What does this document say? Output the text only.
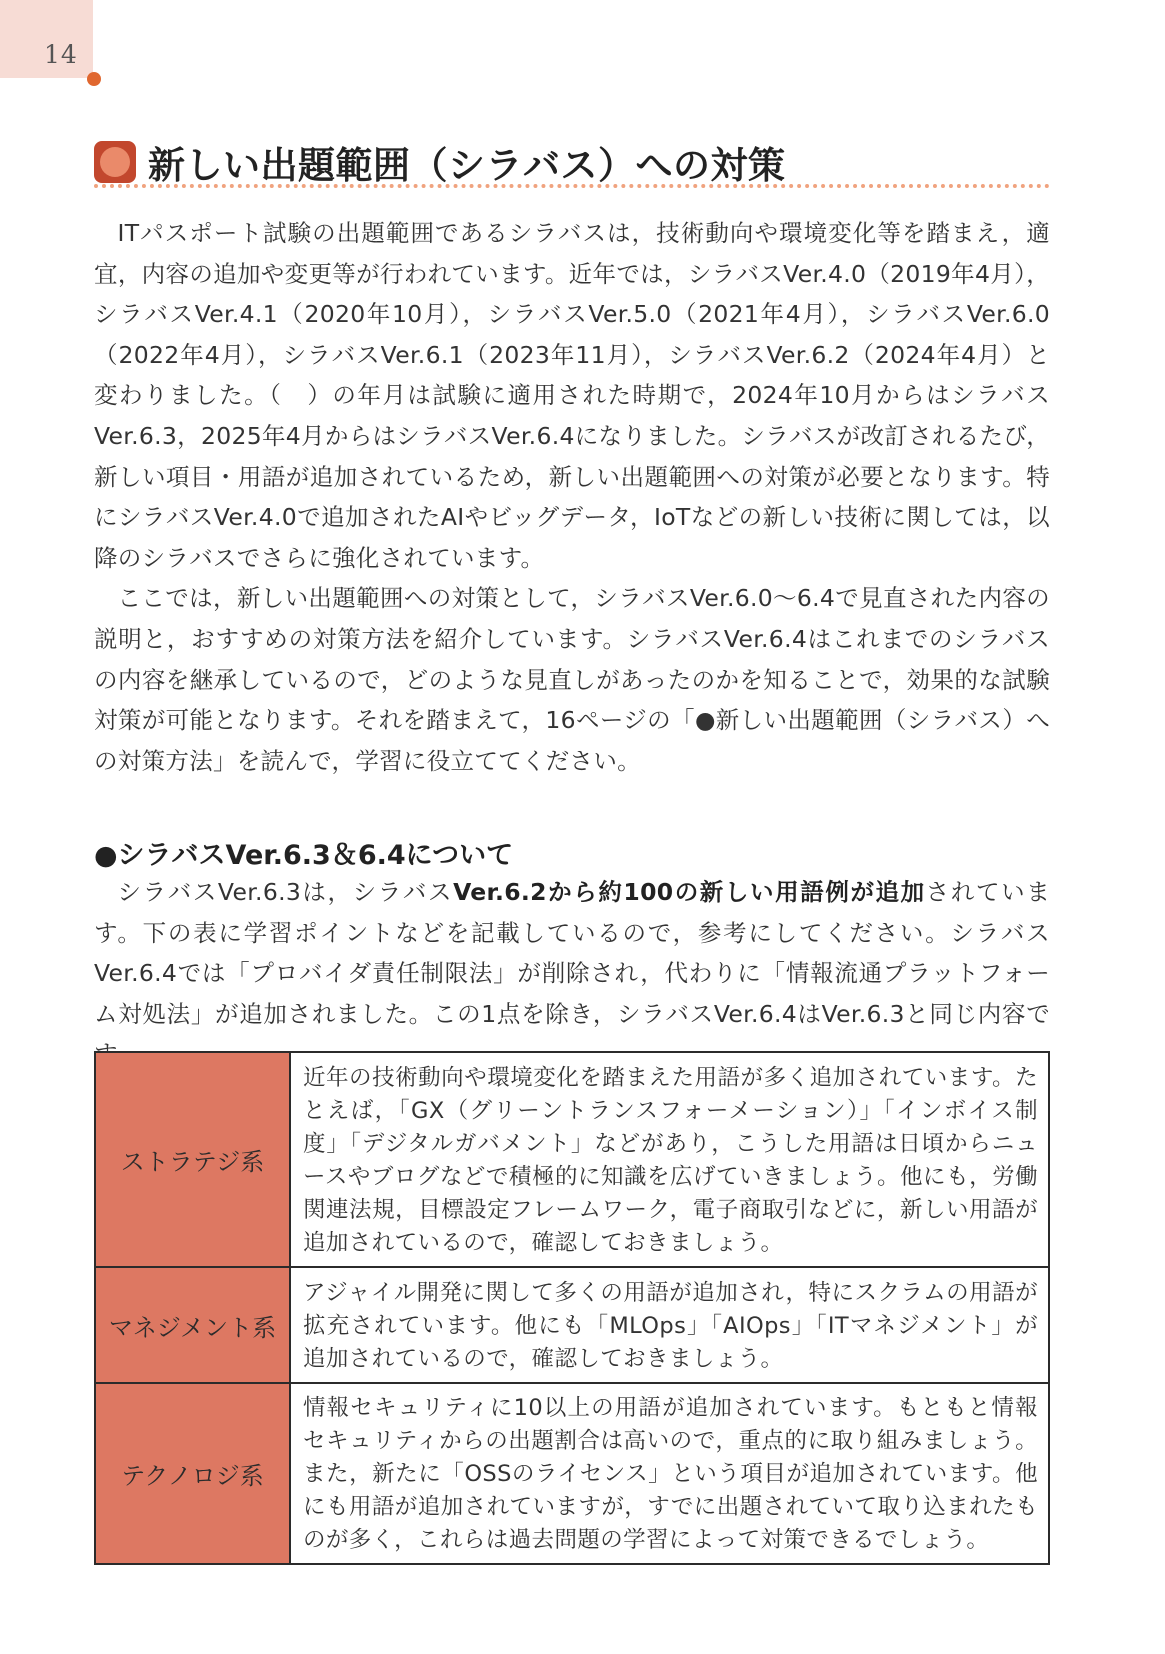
14
新しい出題範囲（シラバス）への対策

ITパスポート試験の出題範囲であるシラバスは，技術動向や環境変化等を踏まえ，適宜，内容の追加や変更等が行われています。近年では，シラバスVer.4.0（2019年4月），シラバスVer.4.1（2020年10月），シラバスVer.5.0（2021年4月），シラバスVer.6.0（2022年4月），シラバスVer.6.1（2023年11月），シラバスVer.6.2（2024年4月）と変わりました。（　）の年月は試験に適用された時期で，2024年10月からはシラバスVer.6.3，2025年4月からはシラバスVer.6.4になりました。シラバスが改訂されるたび，新しい項目・用語が追加されているため，新しい出題範囲への対策が必要となります。特にシラバスVer.4.0で追加されたAIやビッグデータ，IoTなどの新しい技術に関しては，以降のシラバスでさらに強化されています。

ここでは，新しい出題範囲への対策として，シラバスVer.6.0～6.4で見直された内容の説明と，おすすめの対策方法を紹介しています。シラバスVer.6.4はこれまでのシラバスの内容を継承しているので，どのような見直しがあったのかを知ることで，効果的な試験対策が可能となります。それを踏まえて，16ページの「●新しい出題範囲（シラバス）への対策方法」を読んで，学習に役立ててください。

●シラバスVer.6.3＆6.4について

シラバスVer.6.3は，シラバスVer.6.2から約100の新しい用語例が追加されています。下の表に学習ポイントなどを記載しているので，参考にしてください。シラバスVer.6.4では「プロバイダ責任制限法」が削除され，代わりに「情報流通プラットフォーム対処法」が追加されました。この1点を除き，シラバスVer.6.4はVer.6.3と同じ内容で

ストラテジ系	近年の技術動向や環境変化を踏まえた用語が多く追加されています。たとえば，「GX（グリーントランスフォーメーション）」「インボイス制度」「デジタルガバメント」などがあり，こうした用語は日頃からニュースやブログなどで積極的に知識を広げていきましょう。他にも，労働関連法規，目標設定フレームワーク，電子商取引などに，新しい用語が追加されているので，確認しておきましょう。
マネジメント系	アジャイル開発に関して多くの用語が追加され，特にスクラムの用語が拡充されています。他にも「MLOps」「AIOps」「ITマネジメント」が追加されているので，確認しておきましょう。
テクノロジ系	情報セキュリティに10以上の用語が追加されています。もともと情報セキュリティからの出題割合は高いので，重点的に取り組みましょう。また，新たに「OSSのライセンス」という項目が追加されています。他にも用語が追加されていますが，すでに出題されていて取り込まれたものが多く，これらは過去問題の学習によって対策できるでしょう。
